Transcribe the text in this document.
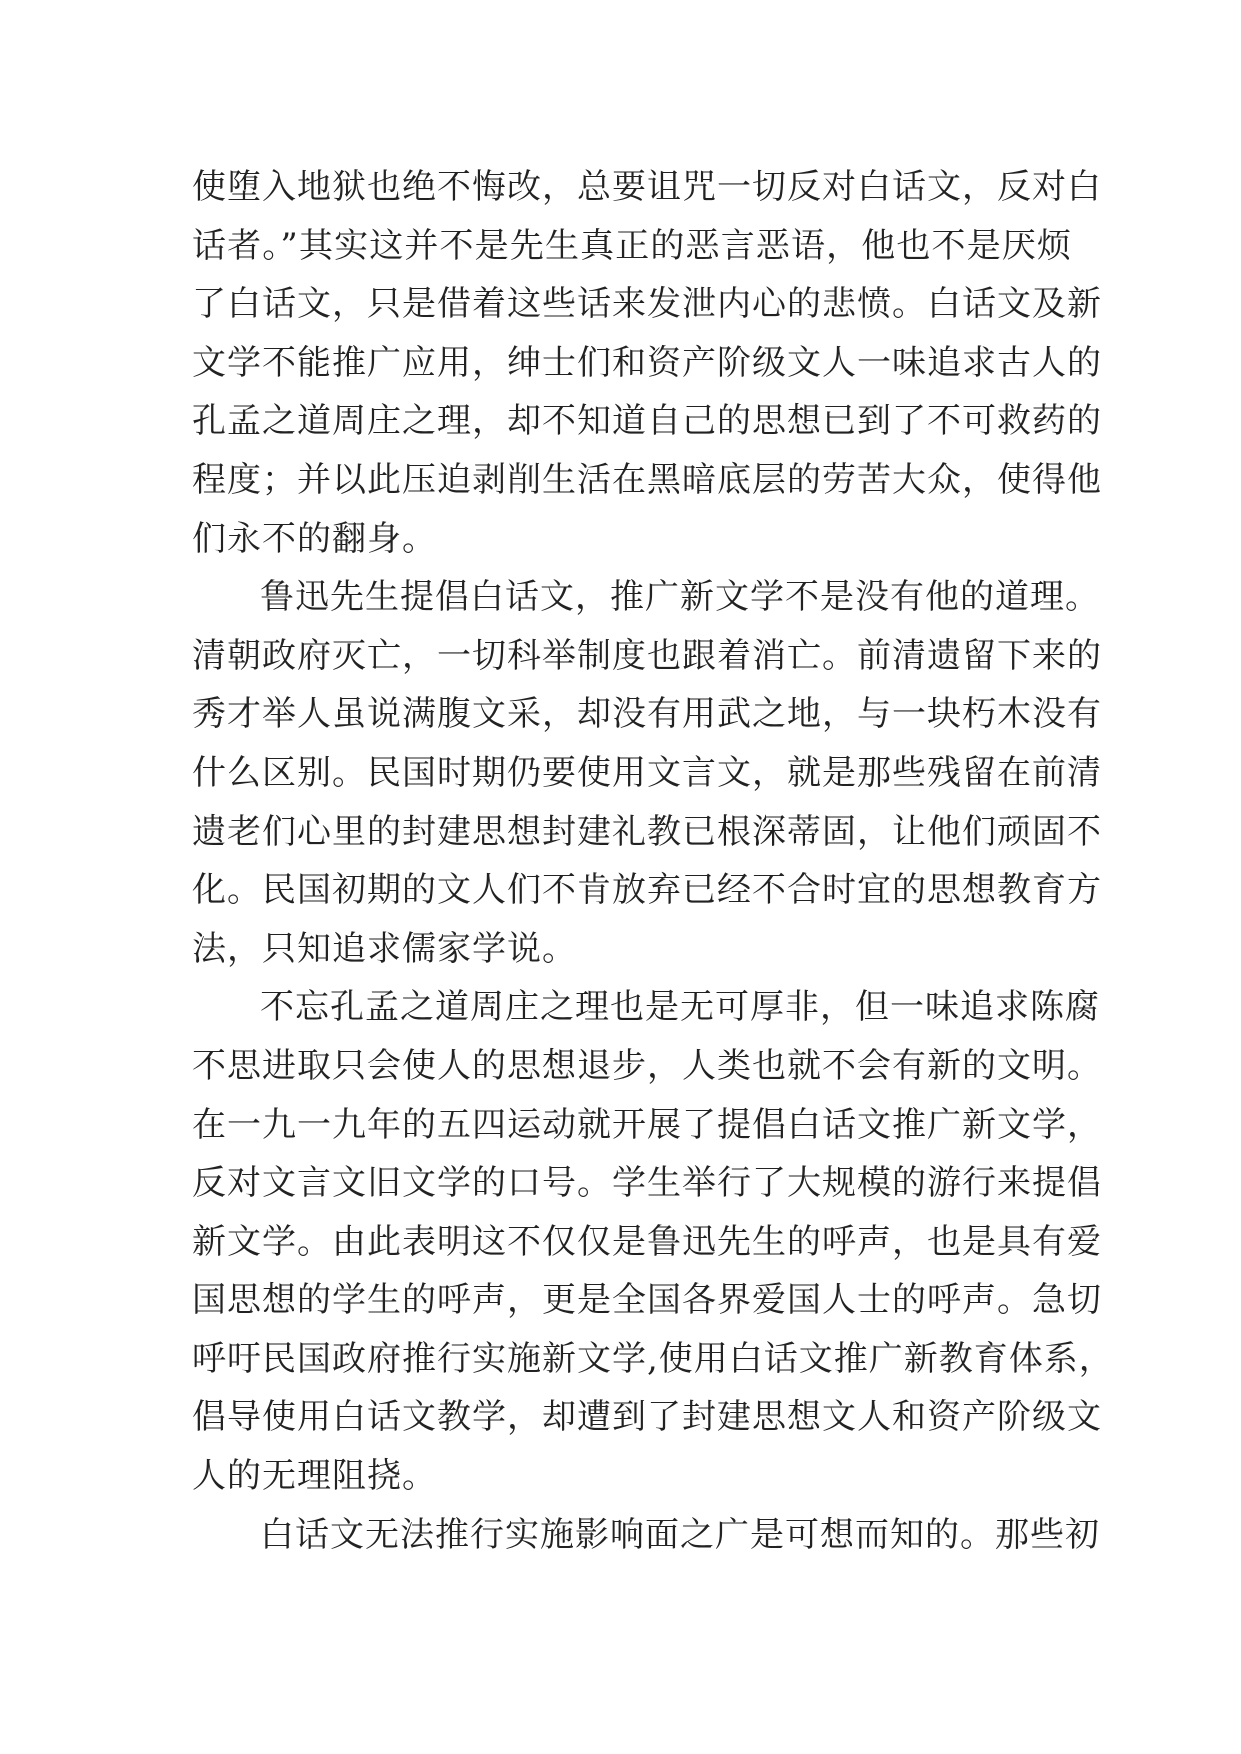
使堕入地狱也绝不悔改，总要诅咒一切反对白话文，反对白
话者。”其实这并不是先生真正的恶言恶语，他也不是厌烦
了白话文，只是借着这些话来发泄内心的悲愤。白话文及新
文学不能推广应用，绅士们和资产阶级文人一味追求古人的
孔孟之道周庄之理，却不知道自己的思想已到了不可救药的
程度；并以此压迫剥削生活在黑暗底层的劳苦大众，使得他
们永不的翻身。
鲁迅先生提倡白话文，推广新文学不是没有他的道理。
清朝政府灭亡，一切科举制度也跟着消亡。前清遗留下来的
秀才举人虽说满腹文采，却没有用武之地，与一块朽木没有
什么区别。民国时期仍要使用文言文，就是那些残留在前清
遗老们心里的封建思想封建礼教已根深蒂固，让他们顽固不
化。民国初期的文人们不肯放弃已经不合时宜的思想教育方
法，只知追求儒家学说。
不忘孔孟之道周庄之理也是无可厚非，但一味追求陈腐
不思进取只会使人的思想退步，人类也就不会有新的文明。
在一九一九年的五四运动就开展了提倡白话文推广新文学，
反对文言文旧文学的口号。学生举行了大规模的游行来提倡
新文学。由此表明这不仅仅是鲁迅先生的呼声，也是具有爱
国思想的学生的呼声，更是全国各界爱国人士的呼声。急切
呼吁民国政府推行实施新文学,使用白话文推广新教育体系，
倡导使用白话文教学，却遭到了封建思想文人和资产阶级文
人的无理阻挠。
白话文无法推行实施影响面之广是可想而知的。那些初
